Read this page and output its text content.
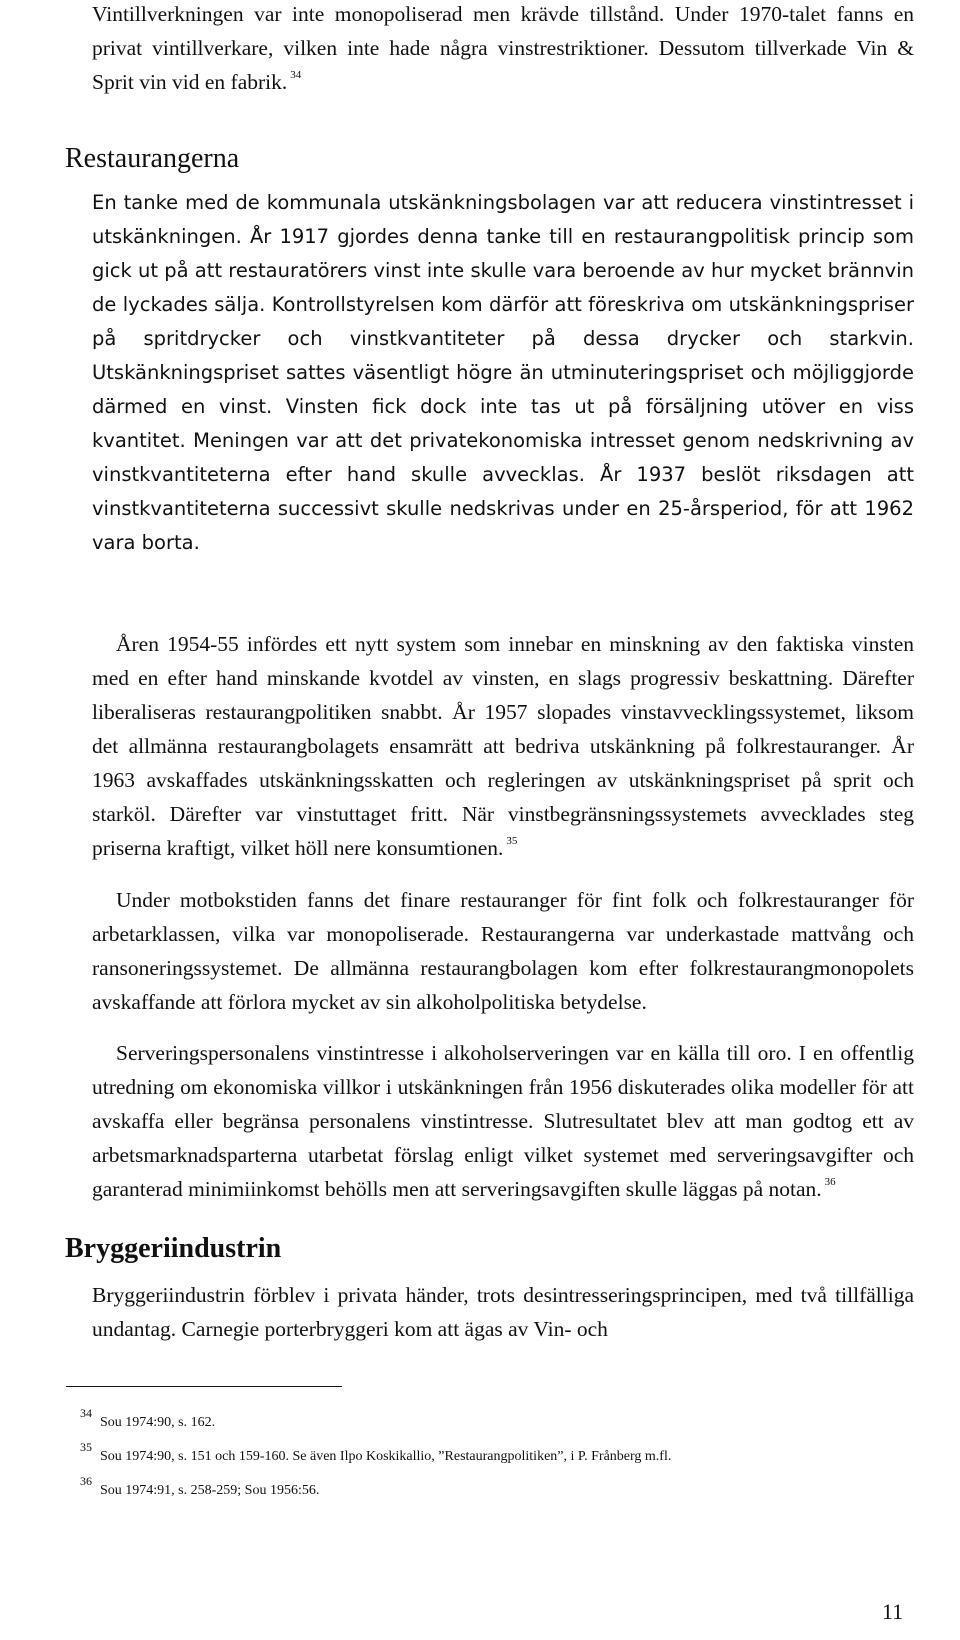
Vintillverkningen var inte monopoliserad men krävde tillstånd. Under 1970-talet fanns en privat vintillverkare, vilken inte hade några vinstrestriktioner. Dessutom tillverkade Vin & Sprit vin vid en fabrik. $^{34}$

Restaurangerna

En tanke med de kommunala utskänkningsbolagen var att reducera vinstintresset i utskänkningen. År 1917 gjordes denna tanke till en restaurangpolitisk princip som gick ut på att restauratörers vinst inte skulle vara beroende av hur mycket brännvin de lyckades sälja. Kontrollstyrelsen kom därför att föreskriva om utskänkningspriser på spritdrycker och vinstkvantiteter på dessa drycker och starkvin. Utskänkningspriset sattes väsentligt högre än utminuteringspriset och möjliggjorde därmed en vinst. Vinsten fick dock inte tas ut på försäljning utöver en viss kvantitet. Meningen var att det privatekonomiska intresset genom nedskrivning av vinstkvantiteterna efter hand skulle avvecklas. År 1937 beslöt riksdagen att vinstkvantiteterna successivt skulle nedskrivas under en 25-årsperiod, för att 1962 vara borta.

Åren 1954-55 infördes ett nytt system som innebar en minskning av den faktiska vinsten med en efter hand minskande kvotdel av vinsten, en slags progressiv beskattning. Därefter liberaliseras restaurangpolitiken snabbt. År 1957 slopades vinstavvecklingssystemet, liksom det allmänna restaurangbolagets ensamrätt att bedriva utskänkning på folkrestauranger. År 1963 avskaffades utskänkningsskatten och regleringen av utskänkningspriset på sprit och starköl. Därefter var vinstuttaget fritt. När vinstbegränsningssystemets avvecklades steg priserna kraftigt, vilket höll nere konsumtionen. $^{35}$

Under motbokstiden fanns det finare restauranger för fint folk och folkrestauranger för arbetarklassen, vilka var monopoliserade. Restaurangerna var underkastade mattvång och ransoneringssystemet. De allmänna restaurangbolagen kom efter folkrestaurangmonopolets avskaffande att förlora mycket av sin alkoholpolitiska betydelse.

Serveringspersonalens vinstintresse i alkoholserveringen var en källa till oro. I en offentlig utredning om ekonomiska villkor i utskänkningen från 1956 diskuterades olika modeller för att avskaffa eller begränsa personalens vinstintresse. Slutresultatet blev att man godtog ett av arbetsmarknadsparterna utarbetat förslag enligt vilket systemet med serveringsavgifter och garanterad minimiinkomst behölls men att serveringsavgiften skulle läggas på notan. $^{36}$

Bryggeriindustrin

Bryggeriindustrin förblev i privata händer, trots desintresseringsprincipen, med två tillfälliga undantag. Carnegie porterbryggeri kom att ägas av Vin- och

34
Sou 1974:90, s. 162.
35
Sou 1974:90, s. 151 och 159-160. Se även Ilpo Koskikallio, ”Restaurangpolitiken”, i P. Frånberg m.fl.
36
Sou 1974:91, s. 258-259; Sou 1956:56.
11
